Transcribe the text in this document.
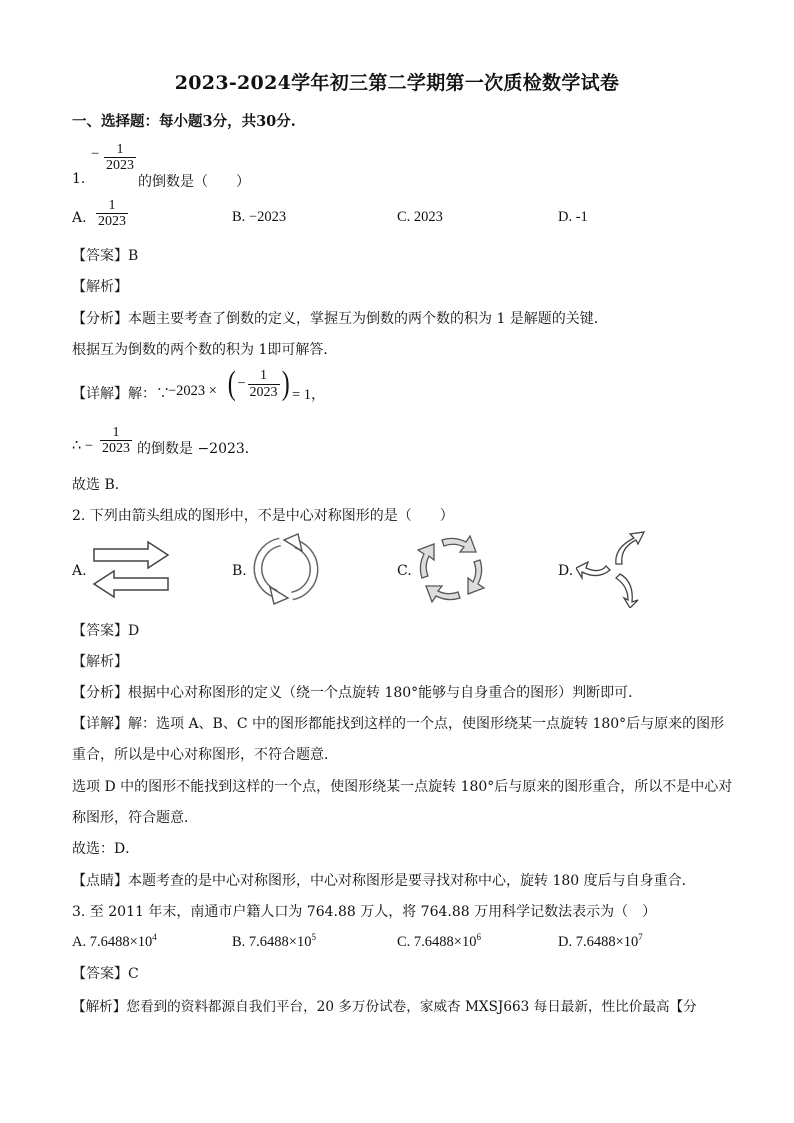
2023-2024学年初三第二学期第一次质检数学试卷
一、选择题：每小题3分，共30分.
− $\frac{1}{2023}$
1.	的倒数是（　　）
A. $\frac{1}{2023}$	B. −2023	C. 2023	D. -1
【答案】B
【解析】
【分析】本题主要考查了倒数的定义，掌握互为倒数的两个数的积为 1 是解题的关键．
根据互为倒数的两个数的积为 1即可解答．
【详解】解：∵
−2023 × ( − $\frac{1}{2023}$ ) = 1，
∴ − $\frac{1}{2023}$ 的倒数是 −2023．
故选 B．
2. 下列由箭头组成的图形中，不是中心对称图形的是（　　）
A.	B.	C.	D.
【答案】D
【解析】
【分析】根据中心对称图形的定义（绕一个点旋转 180°能够与自身重合的图形）判断即可．
【详解】解：选项 A、B、C 中的图形都能找到这样的一个点，使图形绕某一点旋转 180°后与原来的图形
重合，所以是中心对称图形，不符合题意．
选项 D 中的图形不能找到这样的一个点，使图形绕某一点旋转 180°后与原来的图形重合，所以不是中心对
称图形，符合题意．
故选：D．
【点睛】本题考查的是中心对称图形，中心对称图形是要寻找对称中心，旋转 180 度后与自身重合．
3. 至 2011 年末，南通市户籍人口为 764.88 万人，将 764.88 万用科学记数法表示为（　）
A. $7.6488\times 10^4$	B. $7.6488\times 10^5$	C. $7.6488\times 10^6$	D. $7.6488\times 10^7$
【答案】C
【解析】您看到的资料都源自我们平台，20 多万份试卷，家威杏 MXSJ663 每日最新，性比价最高【分
